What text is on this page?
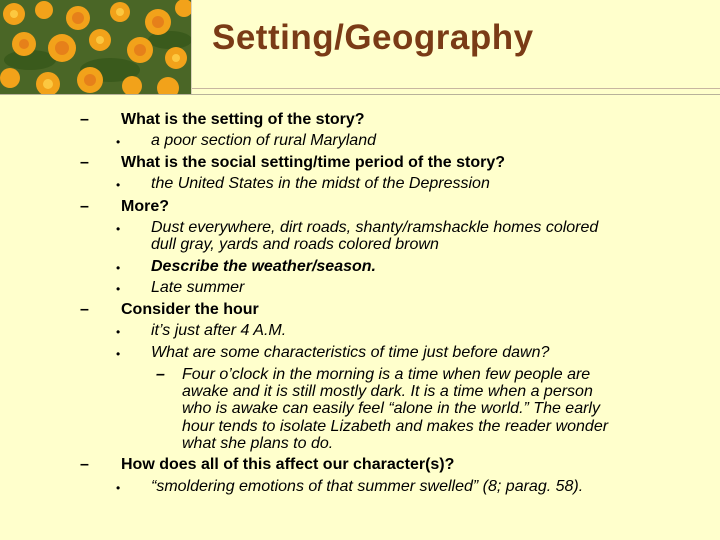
Setting/Geography
– What is the setting of the story?
• a poor section of rural Maryland
– What is the social setting/time period of the story?
• the United States in the midst of the Depression
– More?
• Dust everywhere, dirt roads, shanty/ramshackle homes colored
dull gray, yards and roads colored brown
• Describe the weather/season.
• Late summer
– Consider the hour
• it’s just after 4 A.M.
• What are some characteristics of time just before dawn?
– Four o’clock in the morning is a time when few people are
awake and it is still mostly dark. It is a time when a person
who is awake can easily feel “alone in the world.” The early
hour tends to isolate Lizabeth and makes the reader wonder
what she plans to do.
– How does all of this affect our character(s)?
• “smoldering emotions of that summer swelled” (8; parag. 58).
